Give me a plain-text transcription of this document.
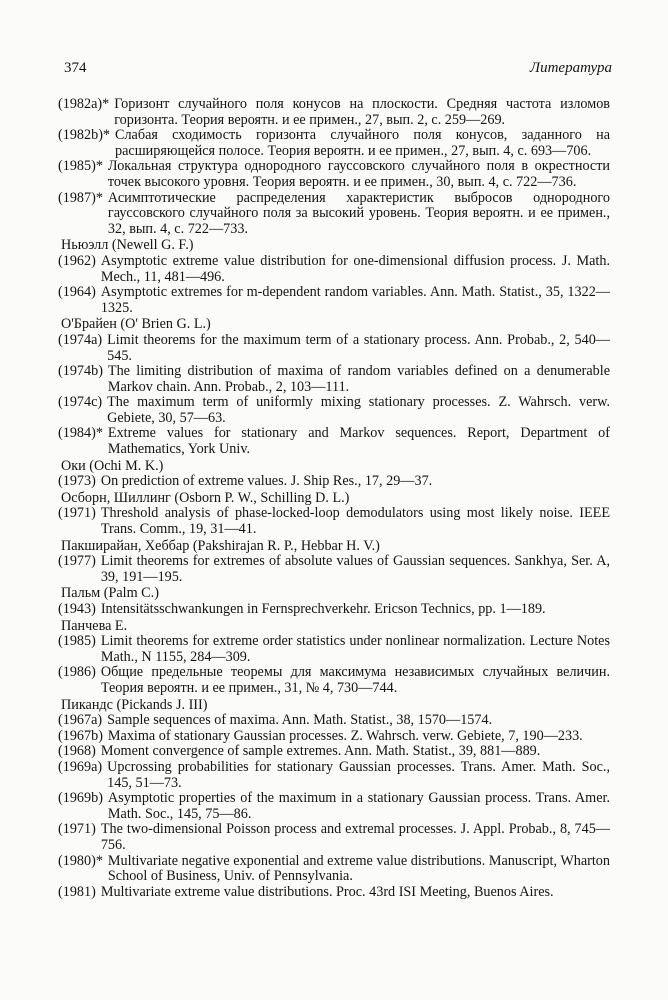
374	Литература
(1982a)* Горизонт случайного поля конусов на плоскости. Средняя частота изломов горизонта. Теория вероятн. и ее примен., 27, вып. 2, с. 259—269.
(1982b)* Слабая сходимость горизонта случайного поля конусов, заданного на расширяющейся полосе. Теория вероятн. и ее примен., 27, вып. 4, с. 693—706.
(1985)* Локальная структура однородного гауссовского случайного поля в окрестности точек высокого уровня. Теория вероятн. и ее примен., 30, вып. 4, с. 722—736.
(1987)* Асимптотические распределения характеристик выбросов однородного гауссовского случайного поля за высокий уровень. Теория вероятн. и ее примен., 32, вып. 4, с. 722—733.
Ньюэлл (Newell G. F.)
(1962) Asymptotic extreme value distribution for one-dimensional diffusion process. J. Math. Mech., 11, 481—496.
(1964) Asymptotic extremes for m-dependent random variables. Ann. Math. Statist., 35, 1322—1325.
О'Брайен (O' Brien G. L.)
(1974a) Limit theorems for the maximum term of a stationary process. Ann. Probab., 2, 540—545.
(1974b) The limiting distribution of maxima of random variables defined on a denumerable Markov chain. Ann. Probab., 2, 103—111.
(1974c) The maximum term of uniformly mixing stationary processes. Z. Wahrsch. verw. Gebiete, 30, 57—63.
(1984)* Extreme values for stationary and Markov sequences. Report, Department of Mathematics, York Univ.
Оки (Ochi M. K.)
(1973) On prediction of extreme values. J. Ship Res., 17, 29—37.
Осборн, Шиллинг (Osborn P. W., Schilling D. L.)
(1971) Threshold analysis of phase-locked-loop demodulators using most likely noise. IEEE Trans. Comm., 19, 31—41.
Пакширайан, Хеббар (Pakshirajan R. P., Hebbar H. V.)
(1977) Limit theorems for extremes of absolute values of Gaussian sequences. Sankhya, Ser. A, 39, 191—195.
Пальм (Palm C.)
(1943) Intensitätsschwankungen in Fernsprechverkehr. Ericson Technics, pp. 1—189.
Панчева Е.
(1985) Limit theorems for extreme order statistics under nonlinear normalization. Lecture Notes Math., N 1155, 284—309.
(1986) Общие предельные теоремы для максимума независимых случайных величин. Теория вероятн. и ее примен., 31, № 4, 730—744.
Пикандс (Pickands J. III)
(1967a) Sample sequences of maxima. Ann. Math. Statist., 38, 1570—1574.
(1967b) Maxima of stationary Gaussian processes. Z. Wahrsch. verw. Gebiete, 7, 190—233.
(1968) Moment convergence of sample extremes. Ann. Math. Statist., 39, 881—889.
(1969a) Upcrossing probabilities for stationary Gaussian processes. Trans. Amer. Math. Soc., 145, 51—73.
(1969b) Asymptotic properties of the maximum in a stationary Gaussian process. Trans. Amer. Math. Soc., 145, 75—86.
(1971) The two-dimensional Poisson process and extremal processes. J. Appl. Probab., 8, 745—756.
(1980)* Multivariate negative exponential and extreme value distributions. Manuscript, Wharton School of Business, Univ. of Pennsylvania.
(1981) Multivariate extreme value distributions. Proc. 43rd ISI Meeting, Buenos Aires.
